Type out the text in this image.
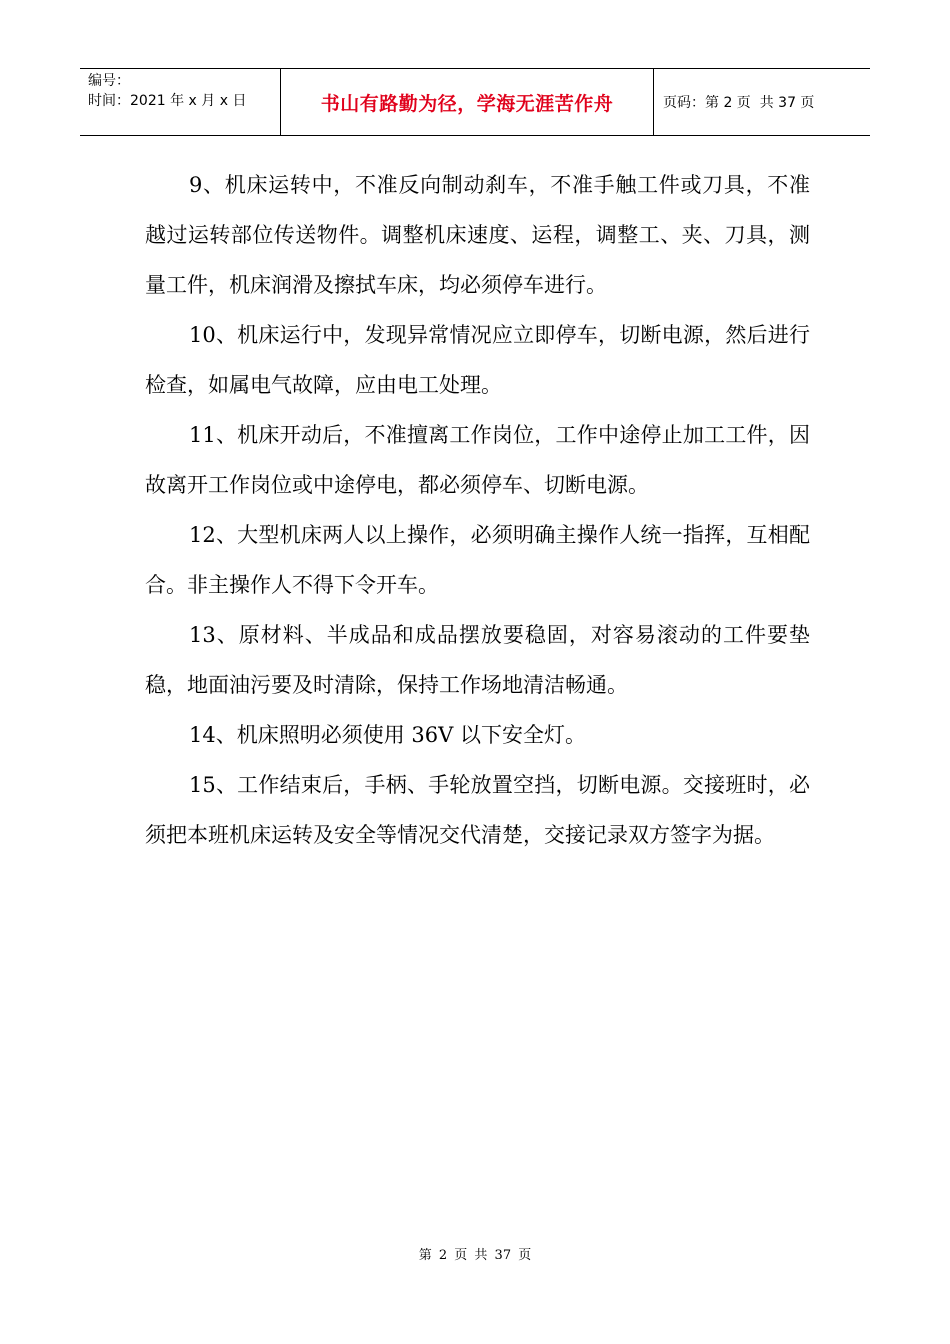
编号：
时间：2021 年 x 月 x 日	书山有路勤为径，学海无涯苦作舟	页码：第 2 页  共 37 页

9、机床运转中，不准反向制动刹车，不准手触工件或刀具，不准越过运转部位传送物件。调整机床速度、运程，调整工、夹、刀具，测量工件，机床润滑及擦拭车床，均必须停车进行。

10、机床运行中，发现异常情况应立即停车，切断电源，然后进行检查，如属电气故障，应由电工处理。

11、机床开动后，不准擅离工作岗位，工作中途停止加工工件，因故离开工作岗位或中途停电，都必须停车、切断电源。

12、大型机床两人以上操作，必须明确主操作人统一指挥，互相配合。非主操作人不得下令开车。

13、原材料、半成品和成品摆放要稳固，对容易滚动的工件要垫稳，地面油污要及时清除，保持工作场地清洁畅通。

14、机床照明必须使用 36V 以下安全灯。

15、工作结束后，手柄、手轮放置空挡，切断电源。交接班时，必须把本班机床运转及安全等情况交代清楚，交接记录双方签字为据。

第 2 页 共 37 页
